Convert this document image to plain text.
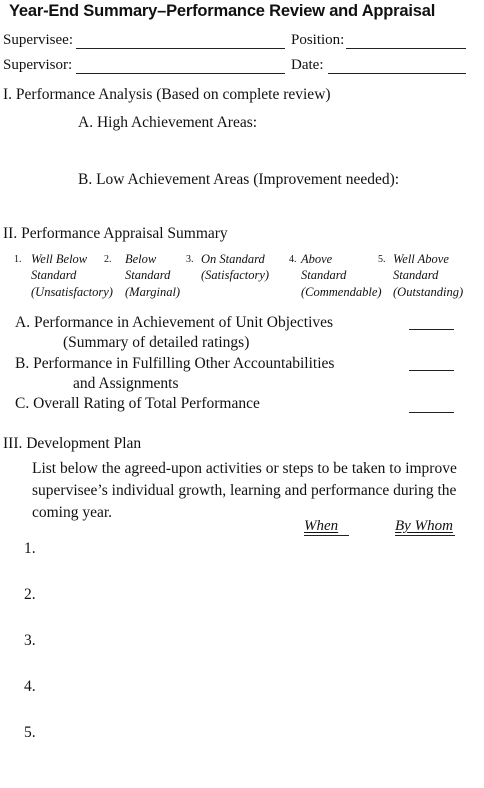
Year-End Summary–Performance Review and Appraisal
Supervisee:	Position:
Supervisor:	Date:
I. Performance Analysis (Based on complete review)
A. High Achievement Areas:
B. Low Achievement Areas (Improvement needed):
II. Performance Appraisal Summary
1. Well Below
Standard
(Unsatisfactory)
2. Below
Standard
(Marginal)
3. On Standard
(Satisfactory)
4. Above
Standard
(Commendable)
5. Well Above
Standard
(Outstanding)
A. Performance in Achievement of Unit Objectives
(Summary of detailed ratings)
B. Performance in Fulfilling Other Accountabilities
and Assignments
C. Overall Rating of Total Performance
III. Development Plan
List below the agreed-upon activities or steps to be taken to improve supervisee’s individual growth, learning and performance during the coming year.
When	By Whom
1.
2.
3.
4.
5.
